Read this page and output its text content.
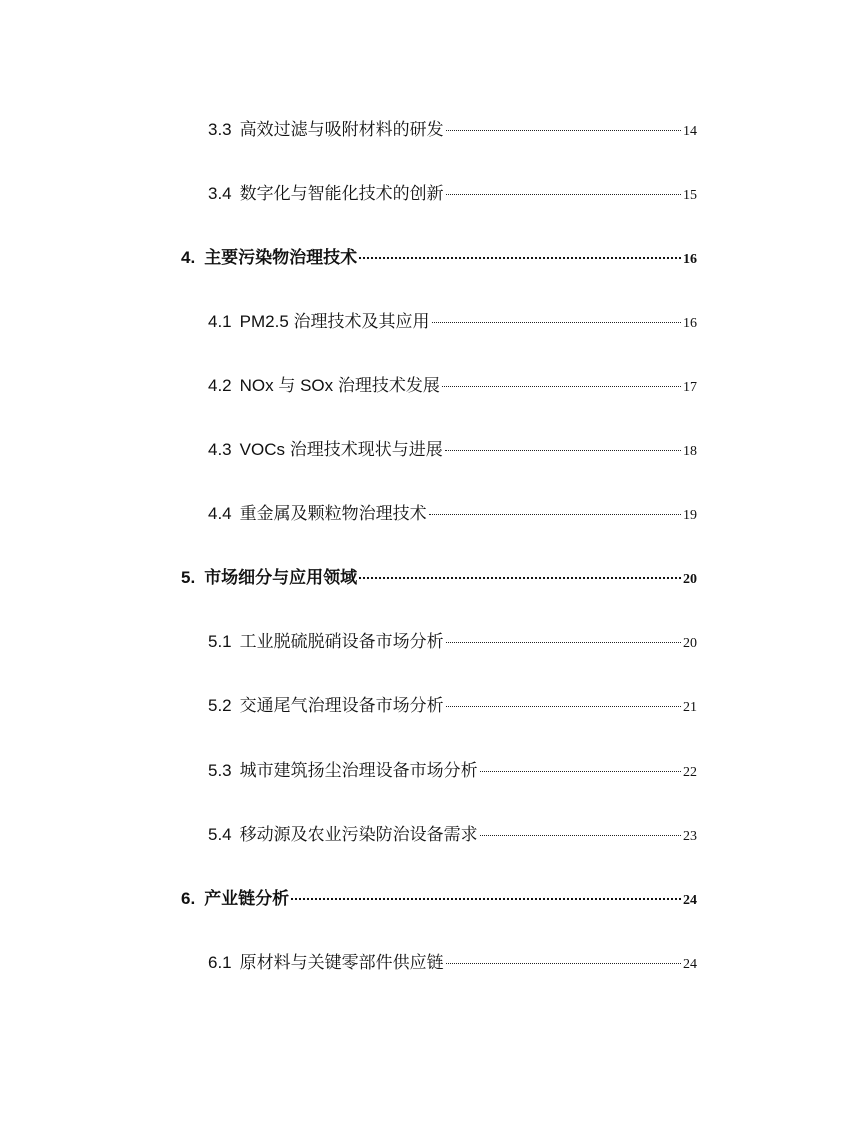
3.3 高效过滤与吸附材料的研发	14
3.4 数字化与智能化技术的创新	15
4. 主要污染物治理技术	16
4.1 PM2.5 治理技术及其应用	16
4.2 NOx 与 SOx 治理技术发展	17
4.3 VOCs 治理技术现状与进展	18
4.4 重金属及颗粒物治理技术	19
5. 市场细分与应用领域	20
5.1 工业脱硫脱硝设备市场分析	20
5.2 交通尾气治理设备市场分析	21
5.3 城市建筑扬尘治理设备市场分析	22
5.4 移动源及农业污染防治设备需求	23
6. 产业链分析	24
6.1 原材料与关键零部件供应链	24
